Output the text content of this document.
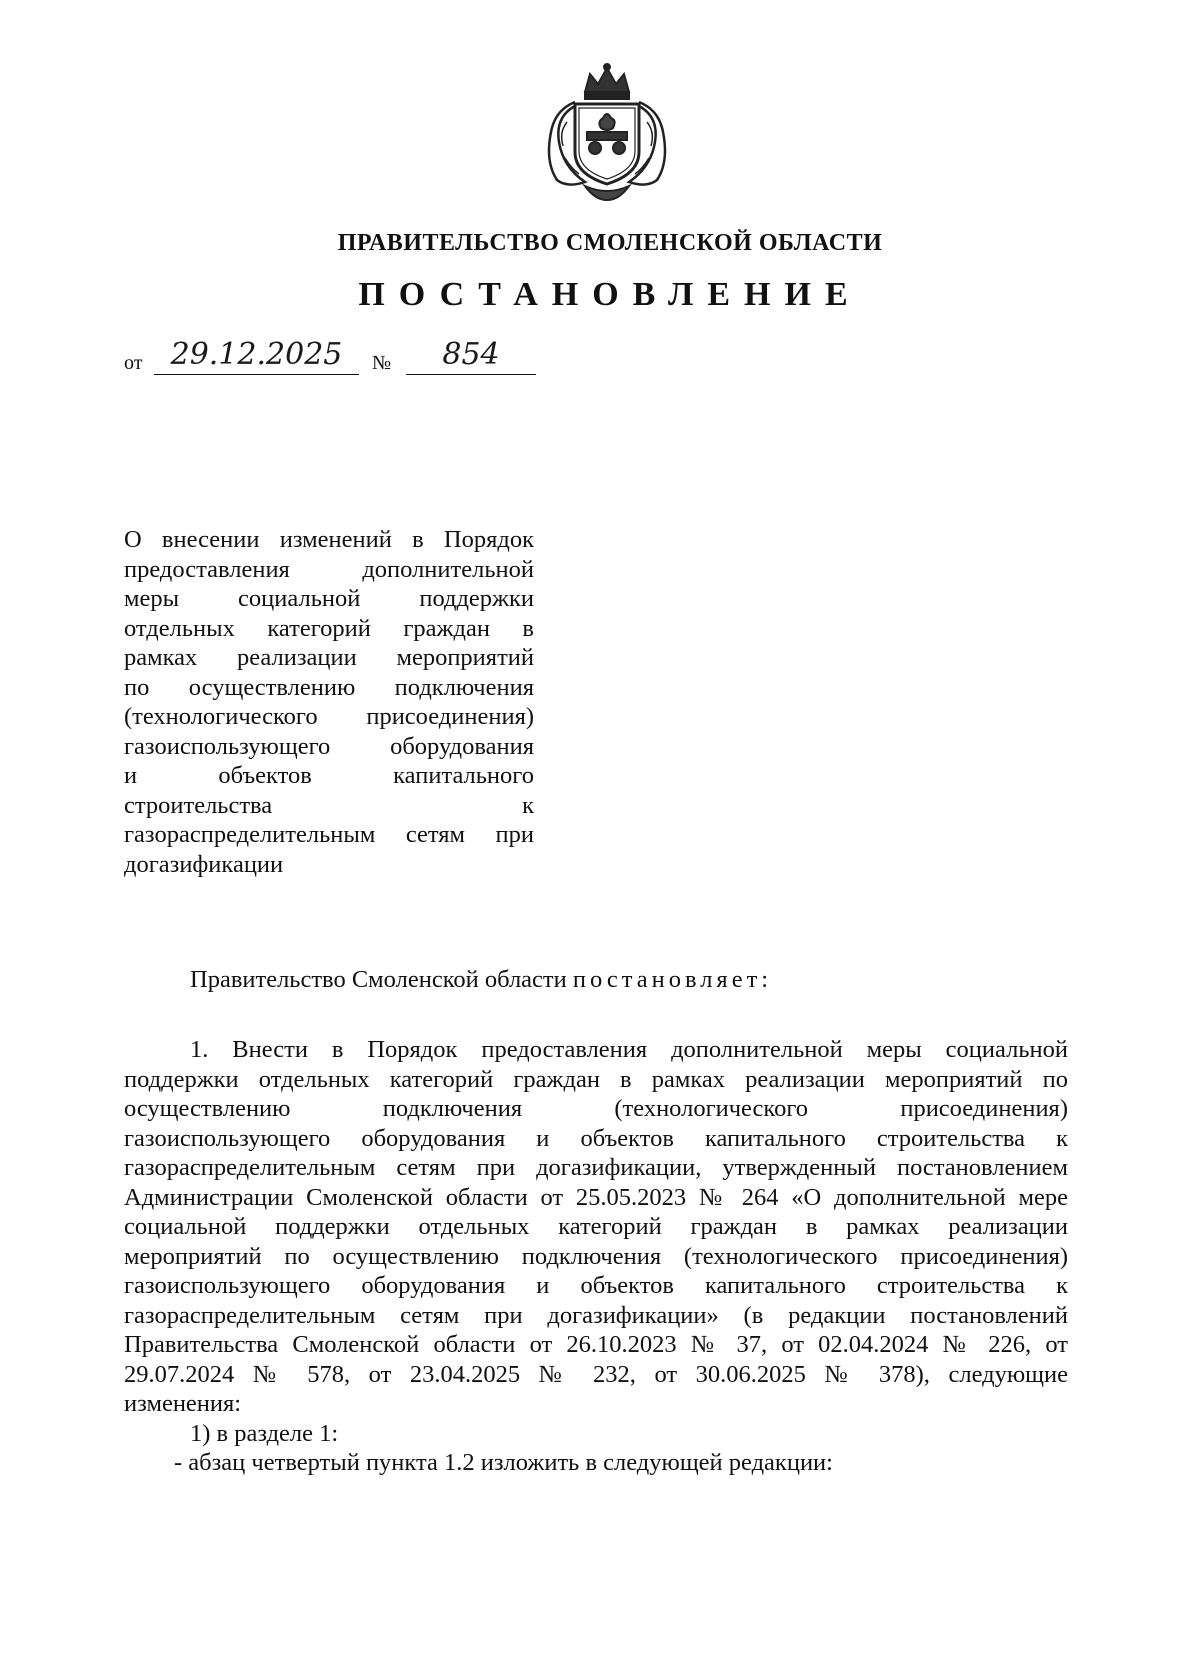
ПРАВИТЕЛЬСТВО СМОЛЕНСКОЙ ОБЛАСТИ
ПОСТАНОВЛЕНИЕ
от 29.12.2025	№	854
О внесении изменений в Порядок
предоставления дополнительной
меры социальной поддержки
отдельных категорий граждан в
рамках реализации мероприятий
по осуществлению подключения
(технологического присоединения)
газоиспользующего оборудования
и объектов капитального
строительства к
газораспределительным сетям при
догазификации
Правительство Смоленской области постановляет:
1. Внести в Порядок предоставления дополнительной меры социальной
поддержки отдельных категорий граждан в рамках реализации мероприятий по
осуществлению подключения (технологического присоединения)
газоиспользующего оборудования и объектов капитального строительства к
газораспределительным сетям при догазификации, утвержденный постановлением
Администрации Смоленской области от 25.05.2023 № 264 «О дополнительной мере
социальной поддержки отдельных категорий граждан в рамках реализации
мероприятий по осуществлению подключения (технологического присоединения)
газоиспользующего оборудования и объектов капитального строительства к
газораспределительным сетям при догазификации» (в редакции постановлений
Правительства Смоленской области от 26.10.2023 № 37, от 02.04.2024 № 226, от
29.07.2024 № 578, от 23.04.2025 № 232, от 30.06.2025 № 378), следующие
изменения:
1) в разделе 1:
- абзац четвертый пункта 1.2 изложить в следующей редакции:
